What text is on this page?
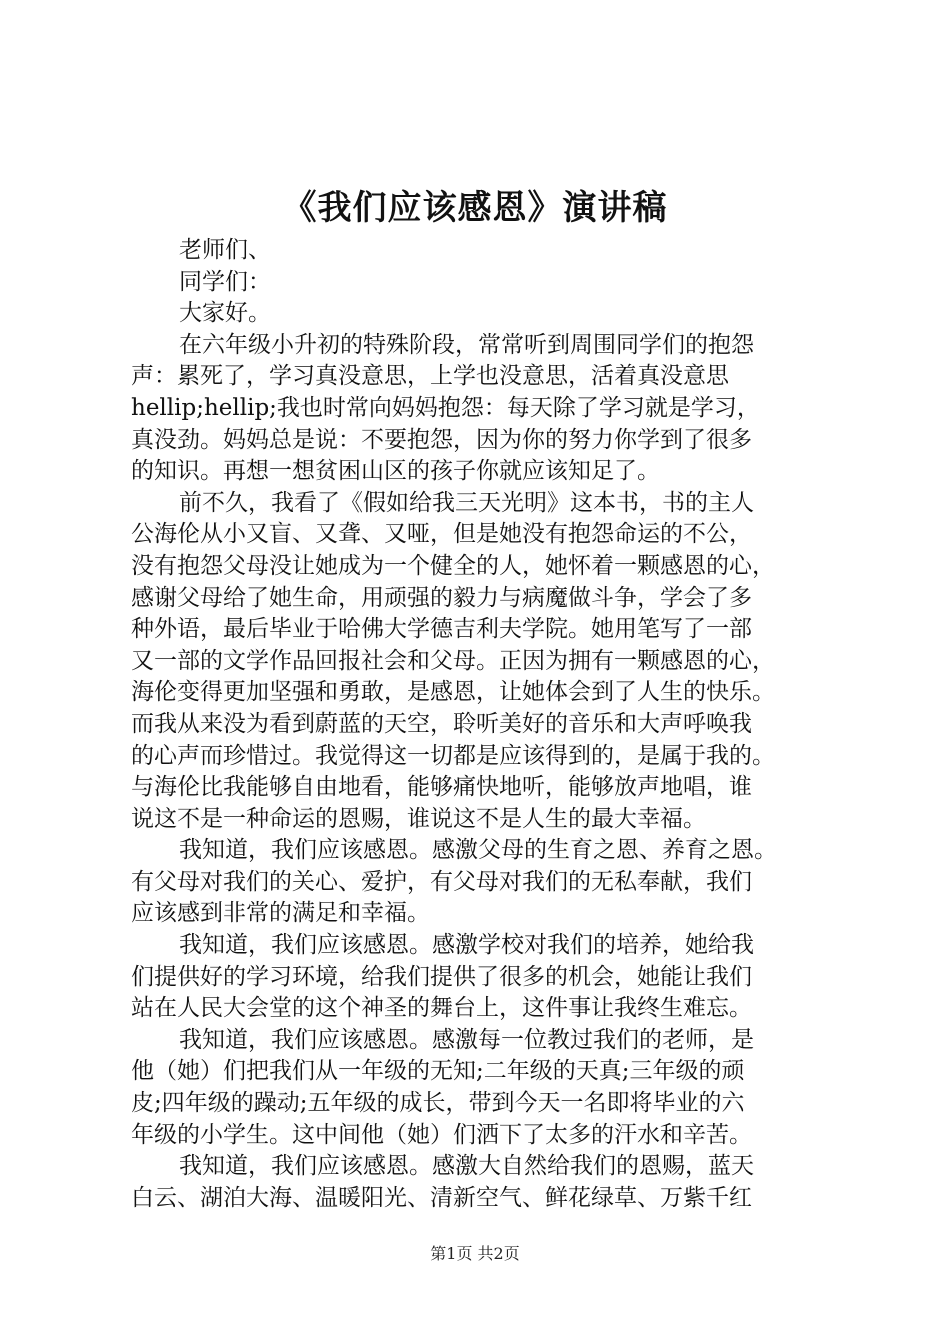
《我们应该感恩》演讲稿
老师们、
同学们：
大家好。
在六年级小升初的特殊阶段，常常听到周围同学们的抱怨
声：累死了，学习真没意思，上学也没意思，活着真没意思
hellip;hellip;我也时常向妈妈抱怨：每天除了学习就是学习，
真没劲。妈妈总是说：不要抱怨，因为你的努力你学到了很多
的知识。再想一想贫困山区的孩子你就应该知足了。
前不久，我看了《假如给我三天光明》这本书，书的主人
公海伦从小又盲、又聋、又哑，但是她没有抱怨命运的不公，
没有抱怨父母没让她成为一个健全的人，她怀着一颗感恩的心，
感谢父母给了她生命，用顽强的毅力与病魔做斗争，学会了多
种外语，最后毕业于哈佛大学德吉利夫学院。她用笔写了一部
又一部的文学作品回报社会和父母。正因为拥有一颗感恩的心，
海伦变得更加坚强和勇敢，是感恩，让她体会到了人生的快乐。
而我从来没为看到蔚蓝的天空，聆听美好的音乐和大声呼唤我
的心声而珍惜过。我觉得这一切都是应该得到的，是属于我的。
与海伦比我能够自由地看，能够痛快地听，能够放声地唱，谁
说这不是一种命运的恩赐，谁说这不是人生的最大幸福。
我知道，我们应该感恩。感激父母的生育之恩、养育之恩。
有父母对我们的关心、爱护，有父母对我们的无私奉献，我们
应该感到非常的满足和幸福。
我知道，我们应该感恩。感激学校对我们的培养，她给我
们提供好的学习环境，给我们提供了很多的机会，她能让我们
站在人民大会堂的这个神圣的舞台上，这件事让我终生难忘。
我知道，我们应该感恩。感激每一位教过我们的老师，是
他（她）们把我们从一年级的无知;二年级的天真;三年级的顽
皮;四年级的躁动;五年级的成长，带到今天一名即将毕业的六
年级的小学生。这中间他（她）们洒下了太多的汗水和辛苦。
我知道，我们应该感恩。感激大自然给我们的恩赐，蓝天
白云、湖泊大海、温暖阳光、清新空气、鲜花绿草、万紫千红
第1页 共2页
